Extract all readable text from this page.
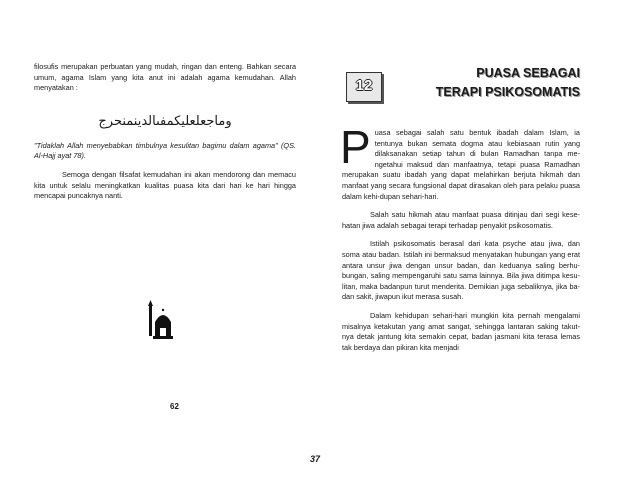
filosufis merupakan perbuatan yang mudah, ringan dan enteng. Bahkan secara umum, agama Islam yang kita anut ini adalah agama kemudahan. Allah menyatakan :

وماجعلعليكمفىالدينمنحرج

"Tidaklah Allah menyebabkan timbulnya kesulitan bagimu dalam agama" (QS. Al-Hajj ayat 78).

Semoga dengan filsafat kemudahan ini akan mendorong dan memacu kita untuk selalu meningkatkan kualitas puasa kita dari hari ke hari hingga mencapai puncaknya nanti.

62
12
PUASA SEBAGAI
TERAPI PSIKOSOMATIS

Puasa sebagai salah satu bentuk ibadah dalam Islam, ia tentunya bukan semata dogma atau kebiasaan rutin yang dilaksanakan setiap tahun di bulan Ramadhan tanpa me-ngetahui maksud dan manfaatnya, tetapi puasa Ramadhan merupakan suatu ibadah yang dapat melahirkan berjuta hikmah dan manfaat yang secara fungsional dapat dirasakan oleh para pelaku puasa dalam kehi-dupan sehari-hari.

Salah satu hikmah atau manfaat puasa ditinjau dari segi kese-hatan jiwa adalah sebagai terapi terhadap penyakit psikosomatis.

Istilah psikosomatis berasal dari kata psyche atau jiwa, dan soma atau badan. Istilah ini bermaksud menyatakan hubungan yang erat antara unsur jiwa dengan unsur badan, dan keduanya saling berhu-bungan, saling mempengaruhi satu sama lainnya. Bila jiwa ditimpa kesu-litan, maka badanpun turut menderita. Demikian juga sebaliknya, jika ba-dan sakit, jiwapun ikut merasa susah.

Dalam kehidupan sehari-hari mungkin kita pernah mengalami misalnya ketakutan yang amat sangat, sehingga lantaran saking takut-nya detak jantung kita semakin cepat, badan jasmani kita terasa lemas tak berdaya dan pikiran kita menjadi

37
